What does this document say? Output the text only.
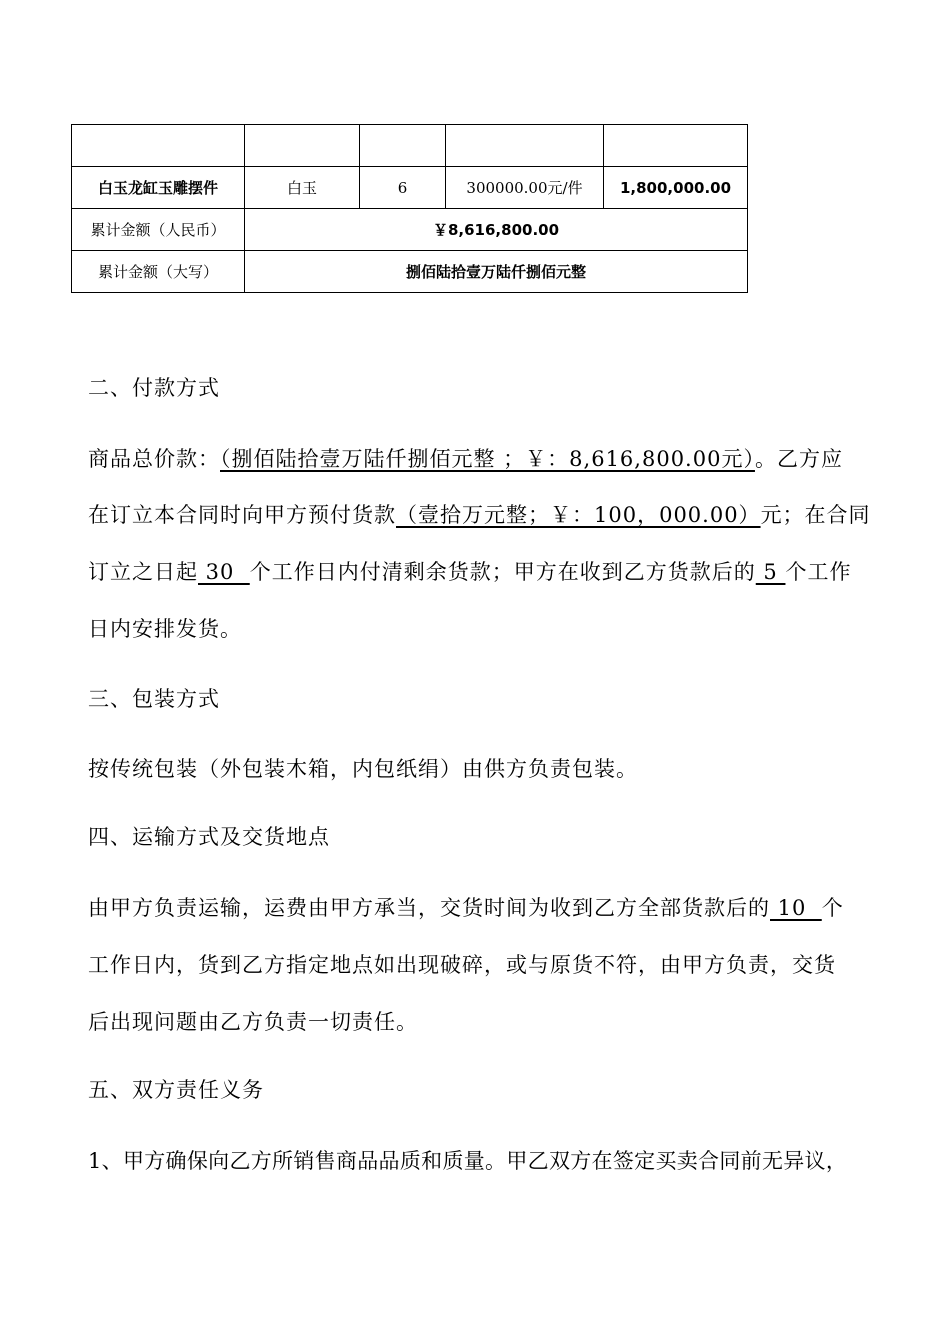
白玉龙缸玉雕摆件	白玉	6	300000.00元/件	1,800,000.00
累计金额（人民币）	￥8,616,800.00			
累计金额（大写）	捌佰陆拾壹万陆仟捌佰元整			
二、付款方式
商品总价款：（捌佰陆拾壹万陆仟捌佰元整 ；￥：8,616,800.00元）。乙方应
在订立本合同时向甲方预付货款（壹拾万元整；￥：100，000.00）元；在合同
订立之日起 30  个工作日内付清剩余货款；甲方在收到乙方货款后的 5 个工作
日内安排发货。
三、包装方式
按传统包装（外包装木箱，内包纸绢）由供方负责包装。
四、运输方式及交货地点
由甲方负责运输，运费由甲方承当，交货时间为收到乙方全部货款后的 10  个
工作日内，货到乙方指定地点如出现破碎，或与原货不符，由甲方负责，交货
后出现问题由乙方负责一切责任。
五、双方责任义务
1、甲方确保向乙方所销售商品品质和质量。甲乙双方在签定买卖合同前无异议，
